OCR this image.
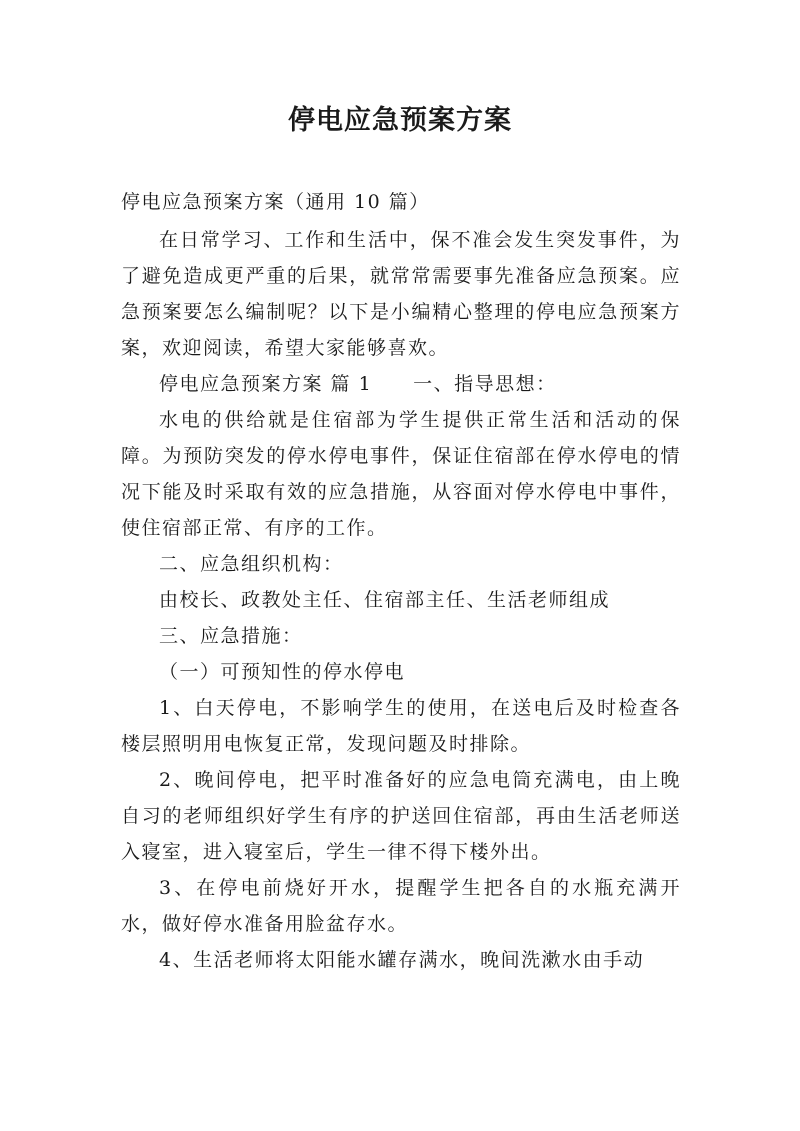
停电应急预案方案

停电应急预案方案（通用 10 篇）

在日常学习、工作和生活中，保不准会发生突发事件，为了避免造成更严重的后果，就常常需要事先准备应急预案。应急预案要怎么编制呢？以下是小编精心整理的停电应急预案方案，欢迎阅读，希望大家能够喜欢。

停电应急预案方案 篇 1　　一、指导思想：

水电的供给就是住宿部为学生提供正常生活和活动的保障。为预防突发的停水停电事件，保证住宿部在停水停电的情况下能及时采取有效的应急措施，从容面对停水停电中事件，使住宿部正常、有序的工作。

二、应急组织机构：

由校长、政教处主任、住宿部主任、生活老师组成

三、应急措施：

（一）可预知性的停水停电

1、白天停电，不影响学生的使用，在送电后及时检查各楼层照明用电恢复正常，发现问题及时排除。

2、晚间停电，把平时准备好的应急电筒充满电，由上晚自习的老师组织好学生有序的护送回住宿部，再由生活老师送入寝室，进入寝室后，学生一律不得下楼外出。

3、在停电前烧好开水，提醒学生把各自的水瓶充满开水，做好停水准备用脸盆存水。

4、生活老师将太阳能水罐存满水，晚间洗漱水由手动
